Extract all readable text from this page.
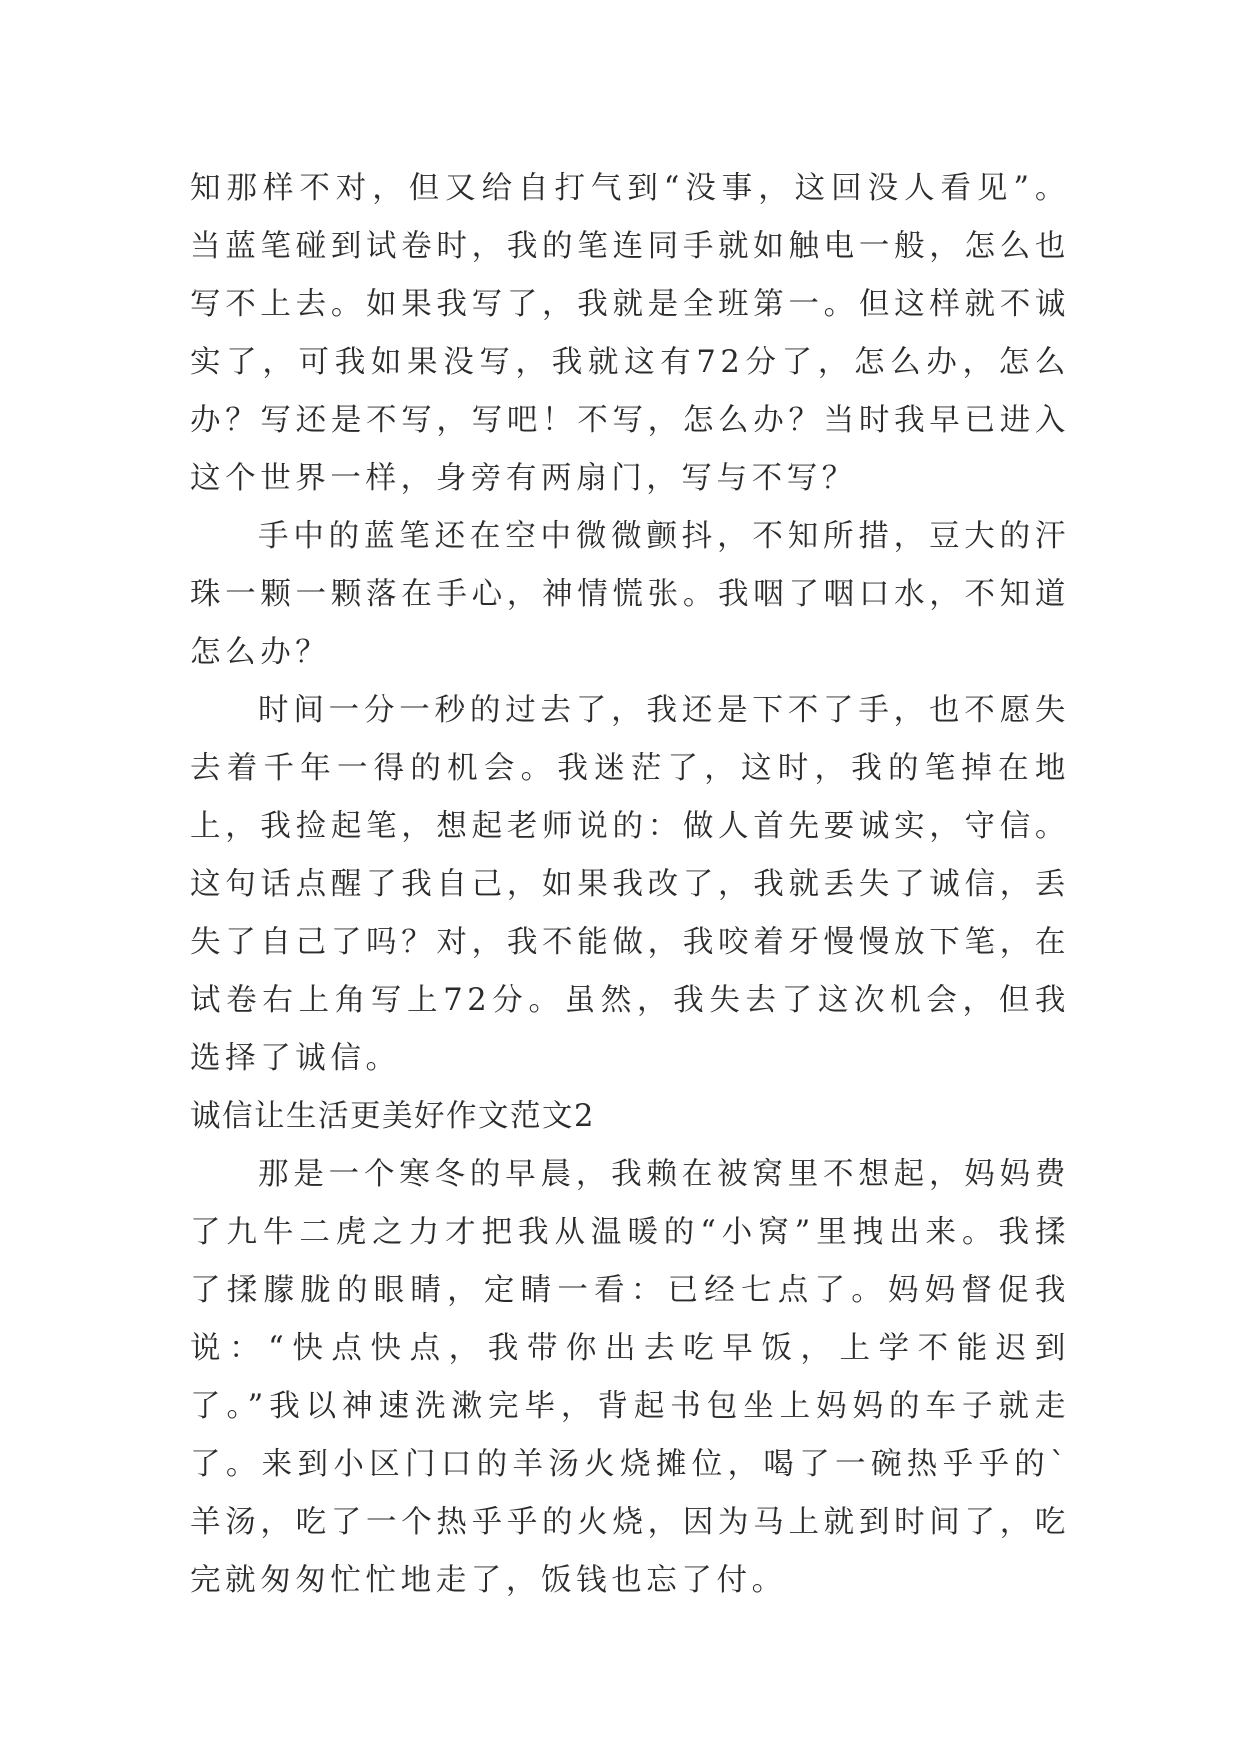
知那样不对，但又给自打气到“没事，这回没人看见”。当蓝笔碰到试卷时，我的笔连同手就如触电一般，怎么也写不上去。如果我写了，我就是全班第一。但这样就不诚实了，可我如果没写，我就这有72分了，怎么办，怎么办？写还是不写，写吧！不写，怎么办？当时我早已进入这个世界一样，身旁有两扇门，写与不写？

手中的蓝笔还在空中微微颤抖，不知所措，豆大的汗珠一颗一颗落在手心，神情慌张。我咽了咽口水，不知道怎么办？

时间一分一秒的过去了，我还是下不了手，也不愿失去着千年一得的机会。我迷茫了，这时，我的笔掉在地上，我捡起笔，想起老师说的：做人首先要诚实，守信。这句话点醒了我自己，如果我改了，我就丢失了诚信，丢失了自己了吗？对，我不能做，我咬着牙慢慢放下笔，在试卷右上角写上72分。虽然，我失去了这次机会，但我选择了诚信。

诚信让生活更美好作文范文2

那是一个寒冬的早晨，我赖在被窝里不想起，妈妈费了九牛二虎之力才把我从温暖的“小窝”里拽出来。我揉了揉朦胧的眼睛，定睛一看：已经七点了。妈妈督促我说：“快点快点，我带你出去吃早饭，上学不能迟到了。”我以神速洗漱完毕，背起书包坐上妈妈的车子就走了。来到小区门口的羊汤火烧摊位，喝了一碗热乎乎的`羊汤，吃了一个热乎乎的火烧，因为马上就到时间了，吃完就匆匆忙忙地走了，饭钱也忘了付。
